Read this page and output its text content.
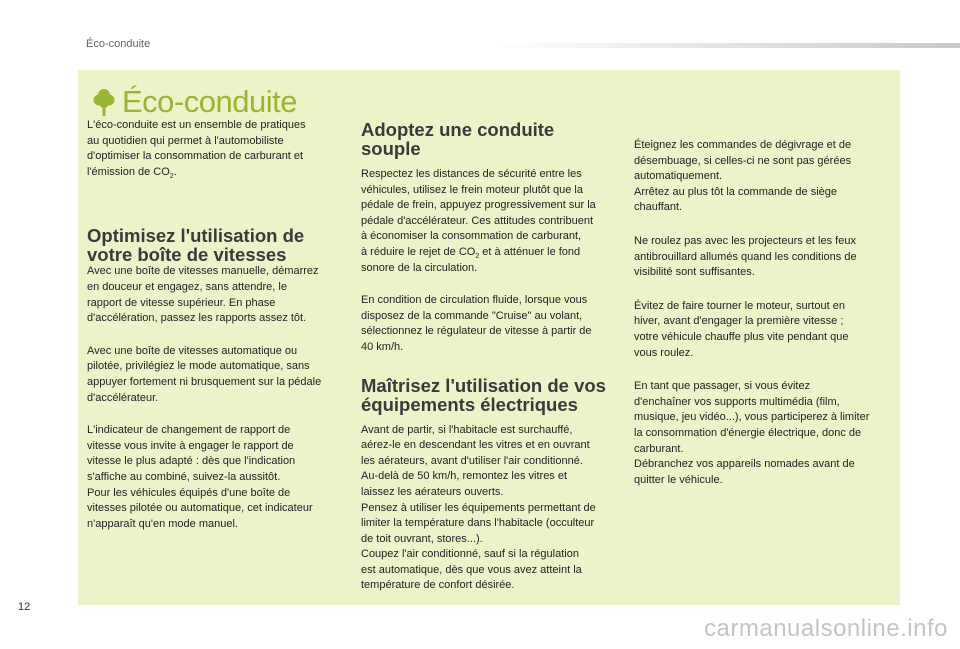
Éco-conduite
Éco-conduite

L'éco-conduite est un ensemble de pratiques
au quotidien qui permet à l'automobiliste
d'optimiser la consommation de carburant et
l'émission de $CO_2$.

Optimisez l'utilisation de
votre boîte de vitesses

Avec une boîte de vitesses manuelle, démarrez
en douceur et engagez, sans attendre, le
rapport de vitesse supérieur. En phase
d'accélération, passez les rapports assez tôt.

Avec une boîte de vitesses automatique ou
pilotée, privilégiez le mode automatique, sans
appuyer fortement ni brusquement sur la pédale
d'accélérateur.

L'indicateur de changement de rapport de
vitesse vous invite à engager le rapport de
vitesse le plus adapté : dès que l'indication
s'affiche au combiné, suivez-la aussitôt.
Pour les véhicules équipés d'une boîte de
vitesses pilotée ou automatique, cet indicateur
n'apparaît qu'en mode manuel.

Adoptez une conduite
souple

Respectez les distances de sécurité entre les
véhicules, utilisez le frein moteur plutôt que la
pédale de frein, appuyez progressivement sur la
pédale d'accélérateur. Ces attitudes contribuent
à économiser la consommation de carburant,
à réduire le rejet de $CO_2$ et à atténuer le fond
sonore de la circulation.

En condition de circulation fluide, lorsque vous
disposez de la commande "Cruise" au volant,
sélectionnez le régulateur de vitesse à partir de
40 km/h.

Maîtrisez l'utilisation de vos
équipements électriques

Avant de partir, si l'habitacle est surchauffé,
aérez-le en descendant les vitres et en ouvrant
les aérateurs, avant d'utiliser l'air conditionné.
Au-delà de 50 km/h, remontez les vitres et
laissez les aérateurs ouverts.
Pensez à utiliser les équipements permettant de
limiter la température dans l'habitacle (occulteur
de toit ouvrant, stores...).
Coupez l'air conditionné, sauf si la régulation
est automatique, dès que vous avez atteint la
température de confort désirée.

Éteignez les commandes de dégivrage et de
désembuage, si celles-ci ne sont pas gérées
automatiquement.
Arrêtez au plus tôt la commande de siège
chauffant.

Ne roulez pas avec les projecteurs et les feux
antibrouillard allumés quand les conditions de
visibilité sont suffisantes.

Évitez de faire tourner le moteur, surtout en
hiver, avant d'engager la première vitesse ;
votre véhicule chauffe plus vite pendant que
vous roulez.

En tant que passager, si vous évitez
d'enchaîner vos supports multimédia (film,
musique, jeu vidéo...), vous participerez à limiter
la consommation d'énergie électrique, donc de
carburant.
Débranchez vos appareils nomades avant de
quitter le véhicule.

12
carmanualsonline.info
